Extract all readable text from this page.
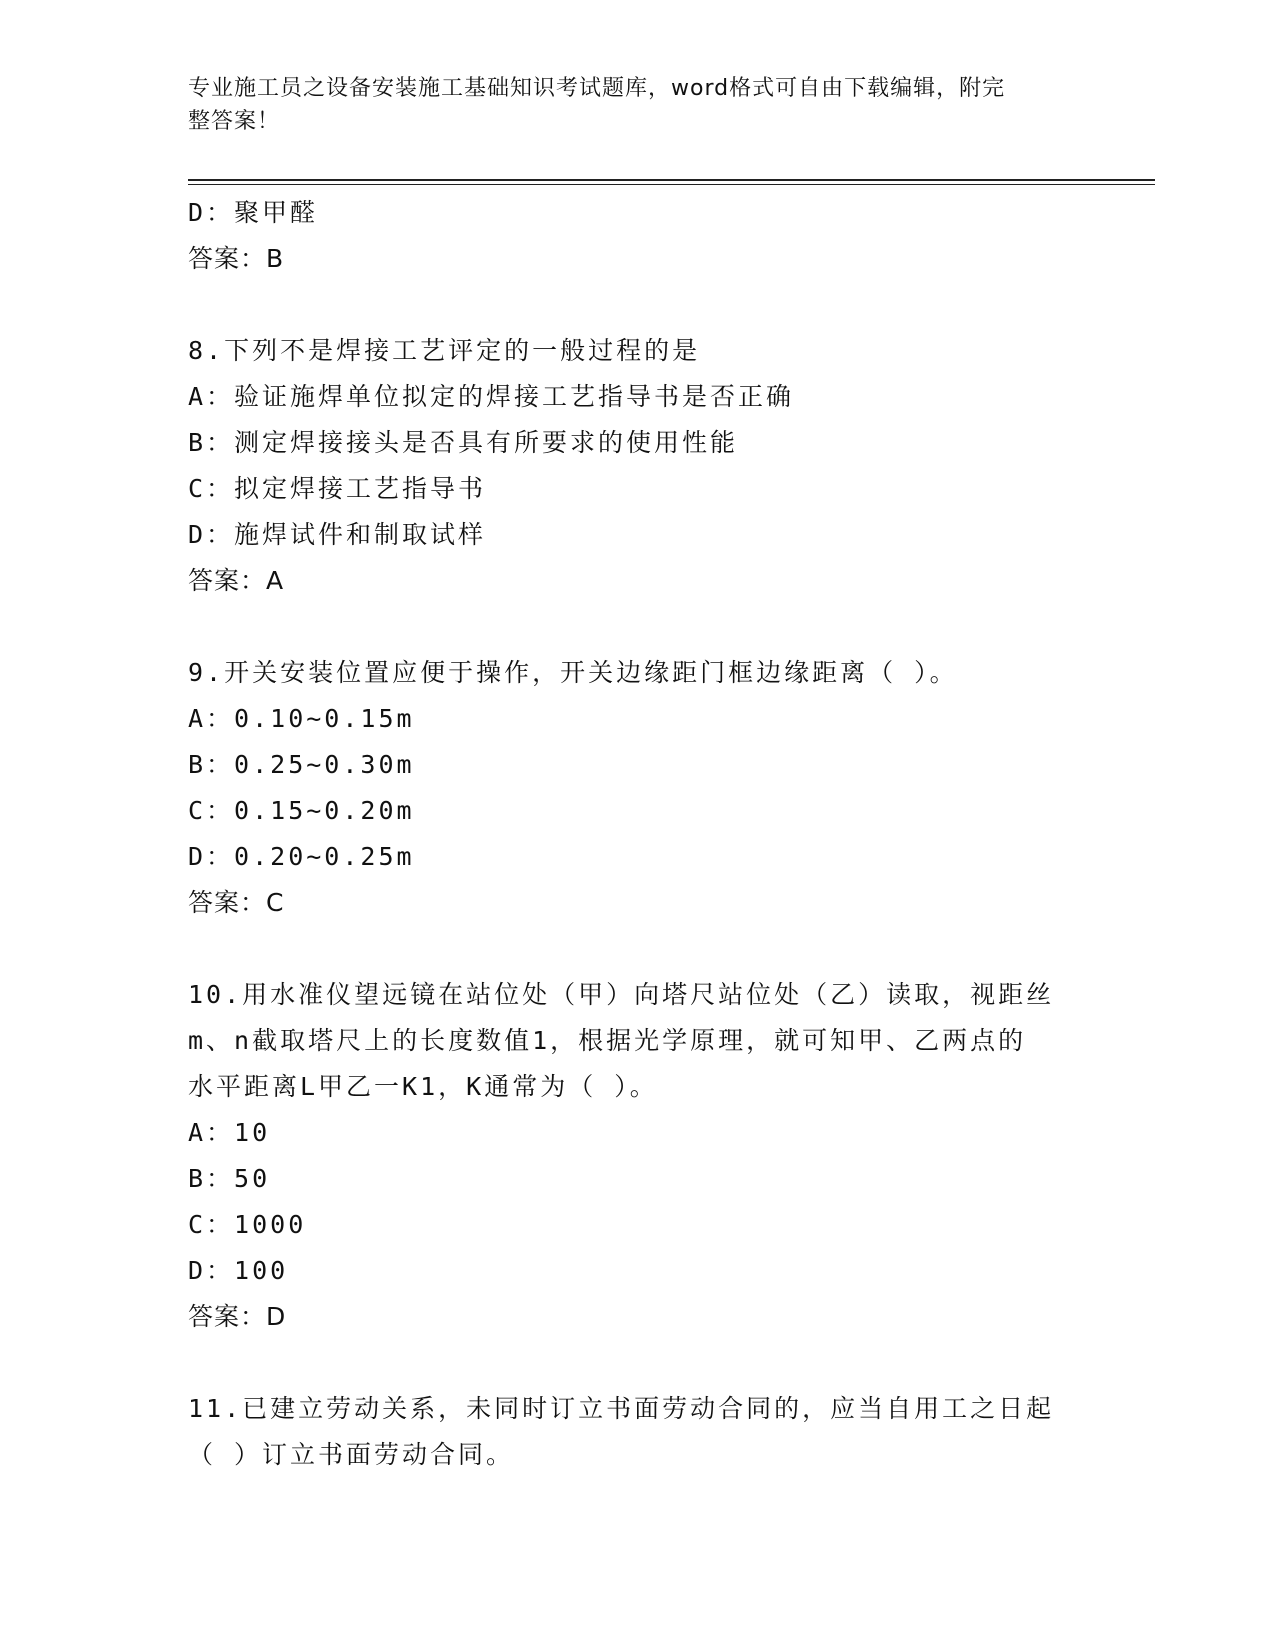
专业施工员之设备安装施工基础知识考试题库，word格式可自由下载编辑，附完
整答案！
D：聚甲醛
答案：B
8.下列不是焊接工艺评定的一般过程的是
A：验证施焊单位拟定的焊接工艺指导书是否正确
B：测定焊接接头是否具有所要求的使用性能
C：拟定焊接工艺指导书
D：施焊试件和制取试样
答案：A
9.开关安装位置应便于操作，开关边缘距门框边缘距离（ ）。
A：0.10~0.15m
B：0.25~0.30m
C：0.15~0.20m
D：0.20~0.25m
答案：C
10.用水准仪望远镜在站位处（甲）向塔尺站位处（乙）读取，视距丝
m、n截取塔尺上的长度数值1，根据光学原理，就可知甲、乙两点的
水平距离L甲乙一K1，K通常为（ ）。
A：10
B：50
C：1000
D：100
答案：D
11.已建立劳动关系，未同时订立书面劳动合同的，应当自用工之日起
（ ）订立书面劳动合同。
